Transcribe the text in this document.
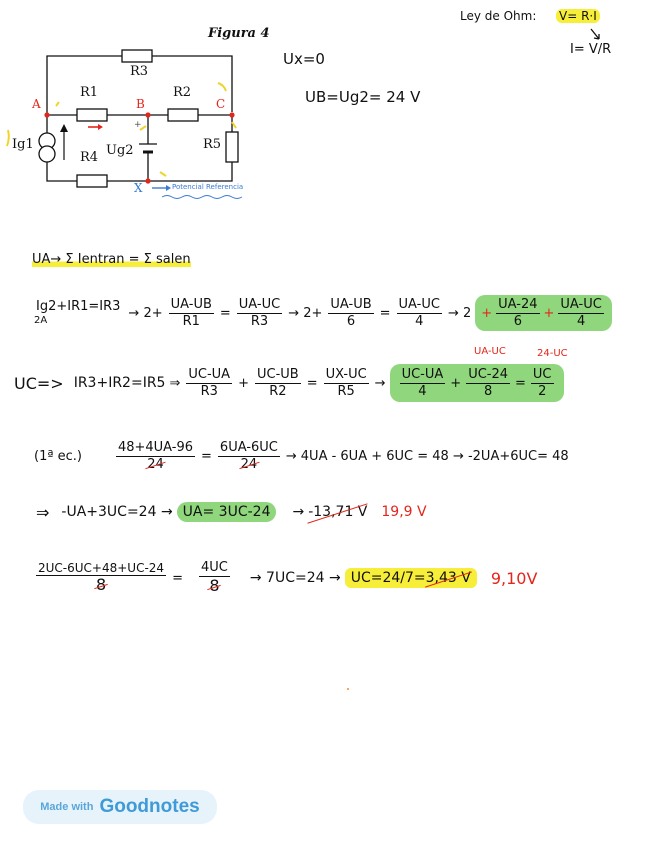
Figura 4
R3
R1	R2
R4
R5
Ig1	Ug2
A	B	C
X	Potencial Referencia
+
Ley de Ohm: V= R·I
I= V/R
Ux=0
UB=Ug2= 24 V
UA→ Σ Ientran = Σ salen
Ig2+IR1=IR3
2A	→ $2+ \frac{UA-UB}{R1} = \frac{UA-UC}{R3} \to 2+ \frac{UA-UB}{6} = \frac{UA-UC}{4} \to 2 + \frac{UA-24}{6} + \frac{UA-UC}{4}$
UA-UC	24-UC
UC=> IR3+IR2=IR5 ⇒ $\frac{UC-UA}{R3} + \frac{UC-UB}{R2} = \frac{UX-UC}{R5} \to \frac{UC-UA}{4} + \frac{UC-24}{8} = \frac{UC}{2}$
(1ª ec.)	$\frac{48+4UA-96}{24} = \frac{6UA-6UC}{24} \to 4UA - 6UA + 6UC = 48 \to -2UA+6UC= 48$
⇒ -UA+3UC=24 → UA= 3UC-24	→ -13,71 V 19,9 V
$\frac{2UC-6UC+48+UC-24}{8} = \frac{4UC}{8} \to 7UC=24 \to UC=24/7=3,43$ V	9,10V
Made with Goodnotes
